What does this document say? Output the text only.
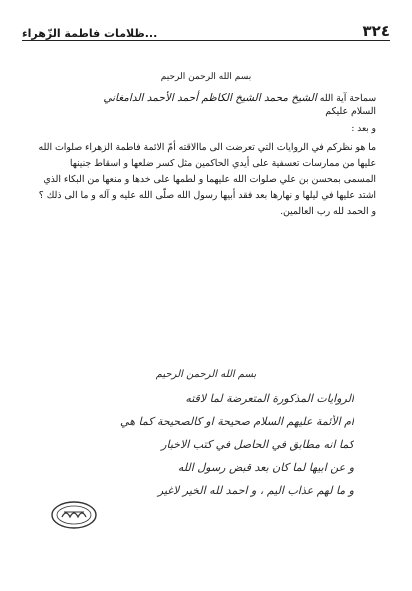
٣٢٤
...ظلامات فاطمة الزّهراء
بسم الله الرحمن الرحيم
سماحة آية الله الشيخ محمد الشيخ الكاظم أحمد الأحمد الدامغاني
السلام عليكم
و بعد :
ما هو نظركم في الروايات التي تعرضت الى ماالاقته أمّ الائمة فاطمة الزهراء صلوات الله عليها من ممارسات تعسفية على أيدي الحاكمين مثل كسر ضلعها و اسقاط جنينها المسمى بمحسن بن علي صلوات الله عليهما و لطمها على خدها و منعها من البكاء الذي اشتد عليها في ليلها و نهارها بعد فقد أبيها رسول الله صلّى الله عليه و آله و ما الى ذلك ؟ و الحمد لله رب العالمين.
بسم الله الرحمن الرحيم
الروايات المذكورة المتعرضة لما لاقته
ام الأئمة عليهم السلام صحيحة او كالصحيحة كما هي
كما انه مطابق في الحاصل في كتب الاخبار
و عن ابيها لما كان بعد قبض رسول الله
و ما لهم عذاب اليم ، و احمد لله الخير لاغير
